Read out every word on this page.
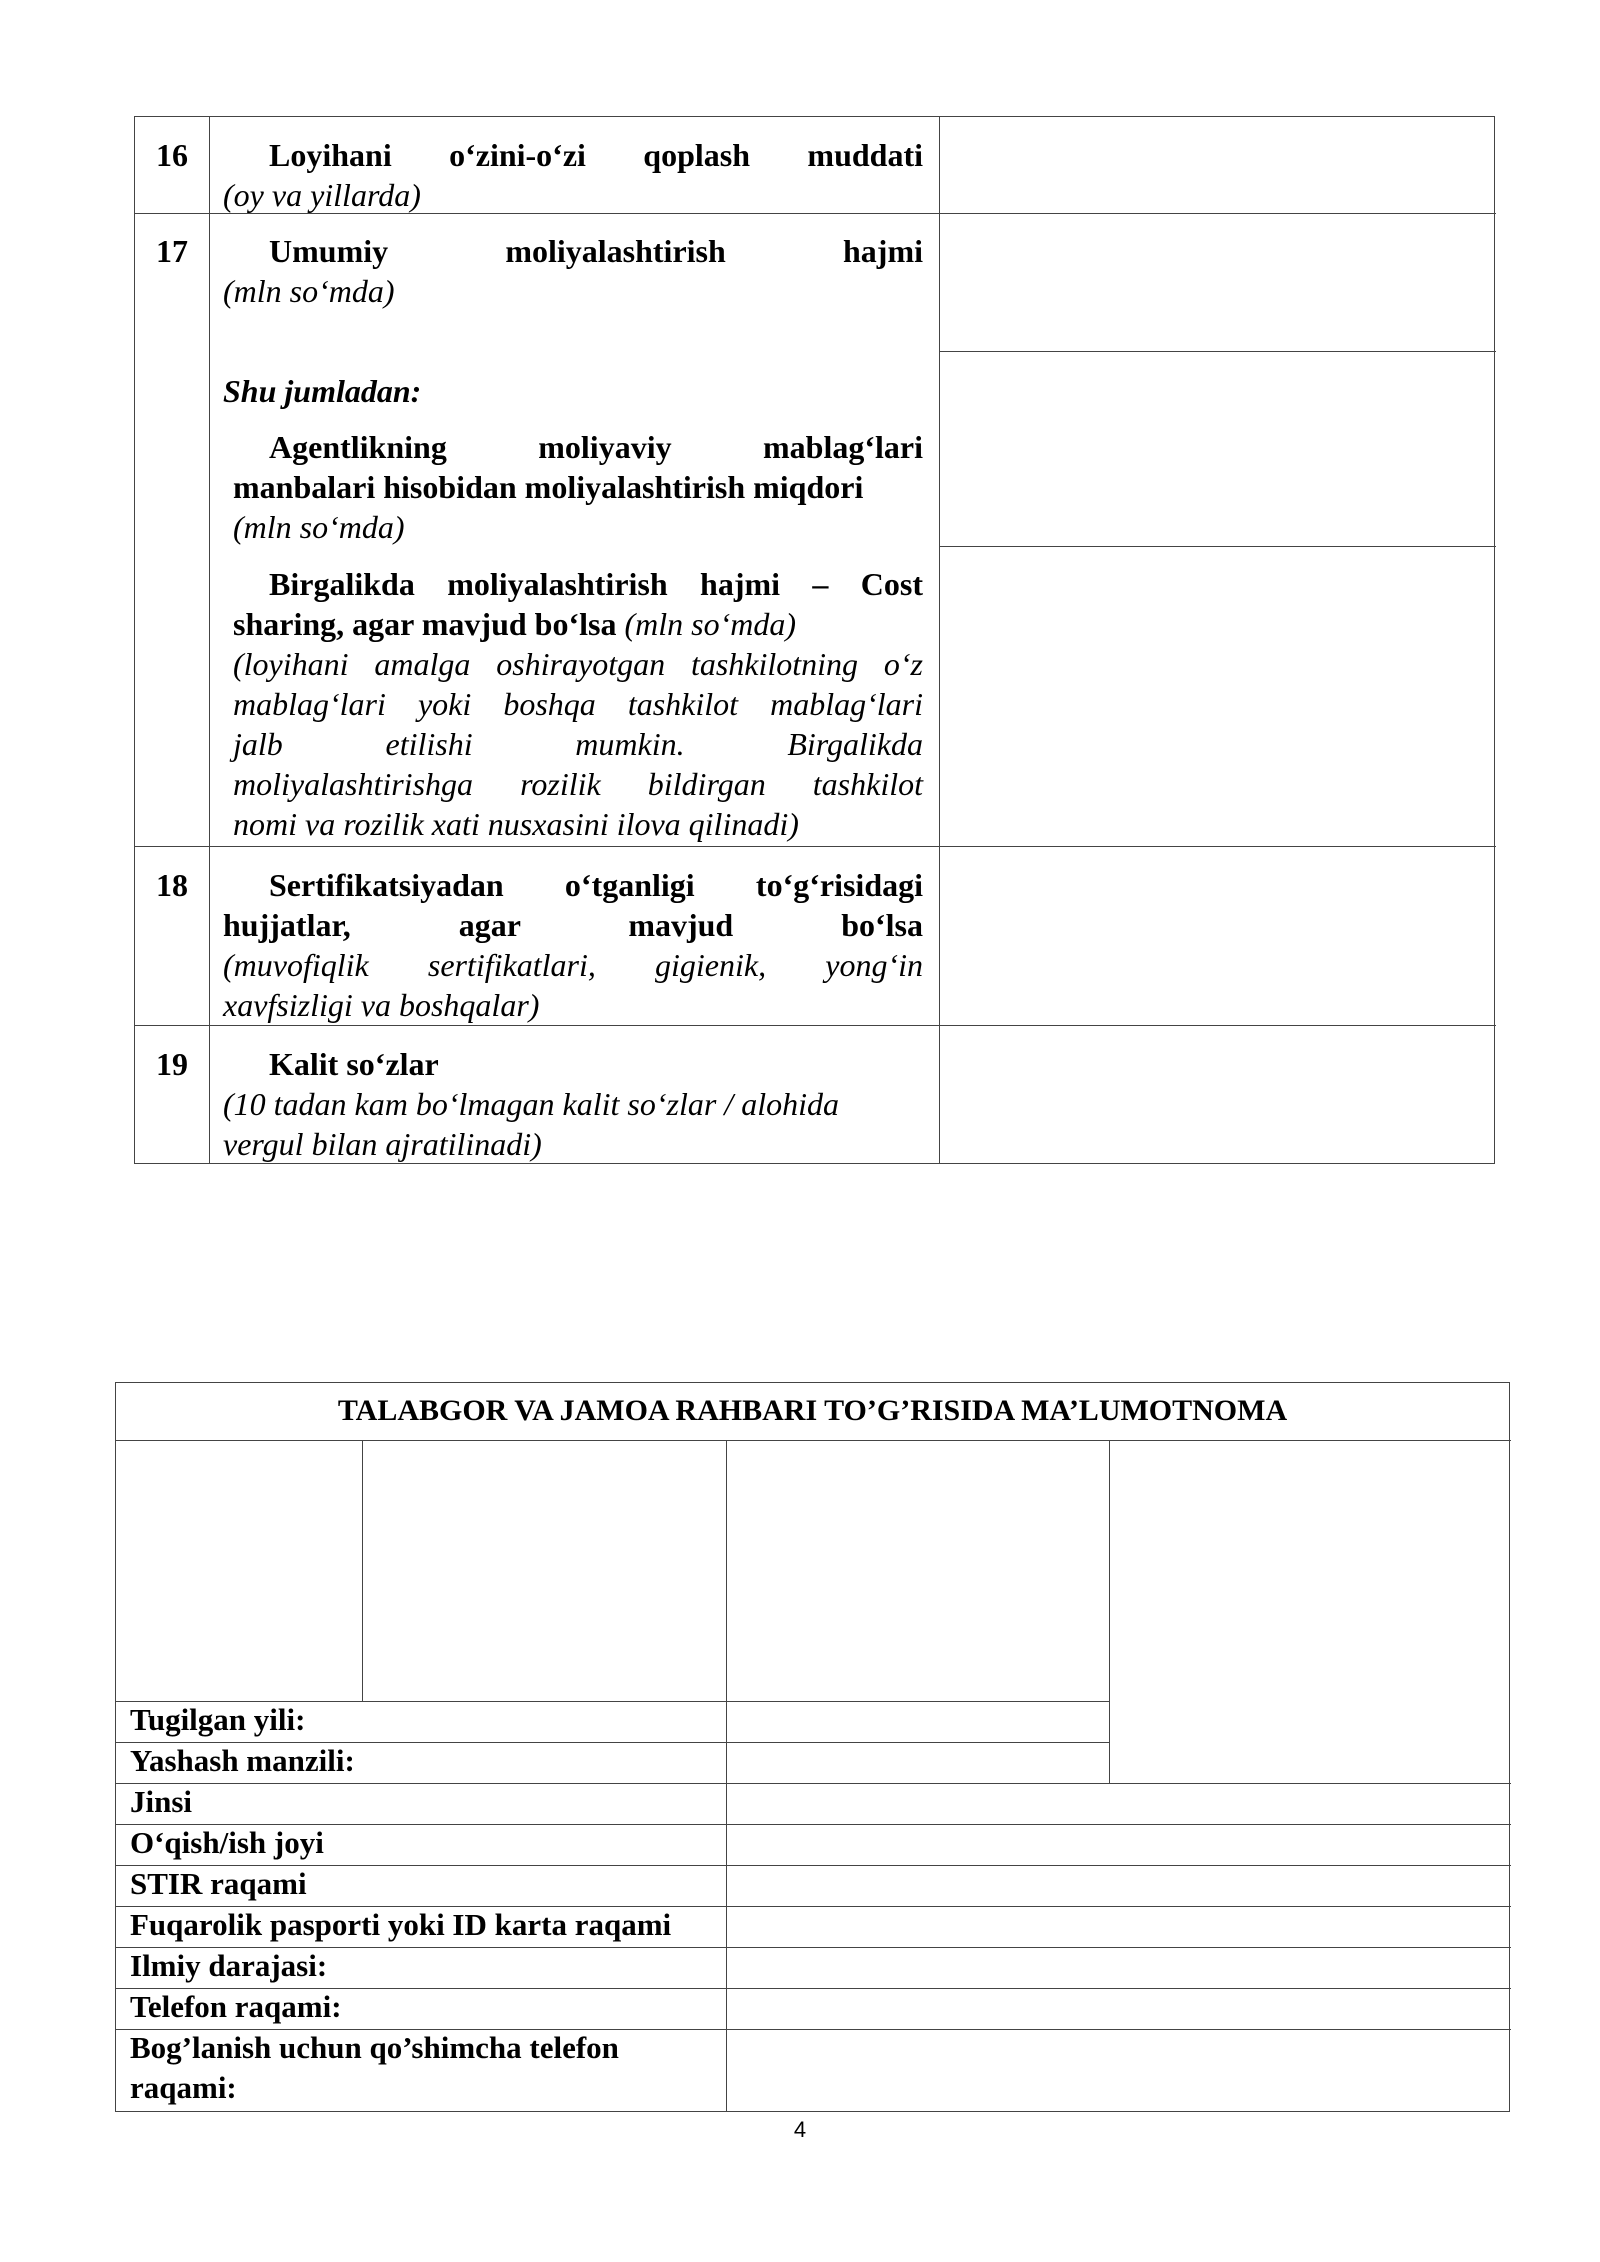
16	Loyihani o‘zini-o‘zi qoplash muddati
(oy va yillarda)
17	Umumiy moliyalashtirish hajmi
(mln so‘mda)
Shu jumladan:
Agentlikning moliyaviy mablag‘lari
manbalari hisobidan moliyalashtirish miqdori
(mln so‘mda)
Birgalikda moliyalashtirish hajmi – Cost
sharing, agar mavjud bo‘lsa (mln so‘mda)
(loyihani amalga oshirayotgan tashkilotning o‘z
mablag‘lari yoki boshqa tashkilot mablag‘lari
jalb etilishi mumkin. Birgalikda
moliyalashtirishga rozilik bildirgan tashkilot
nomi va rozilik xati nusxasini ilova qilinadi)
18	Sertifikatsiyadan o‘tganligi to‘g‘risidagi
hujjatlar, agar mavjud bo‘lsa
(muvofiqlik sertifikatlari, gigienik, yong‘in
xavfsizligi va boshqalar)
19	Kalit so‘zlar
(10 tadan kam bo‘lmagan kalit so‘zlar / alohida
vergul bilan ajratilinadi)
TALABGOR VA JAMOA RAHBARI TO’G’RISIDA MA’LUMOTNOMA
Tugilgan yili:
Yashash manzili:
Jinsi
O‘qish/ish joyi
STIR raqami
Fuqarolik pasporti yoki ID karta raqami
Ilmiy darajasi:
Telefon raqami:
Bog’lanish uchun qo’shimcha telefon
raqami:
4
